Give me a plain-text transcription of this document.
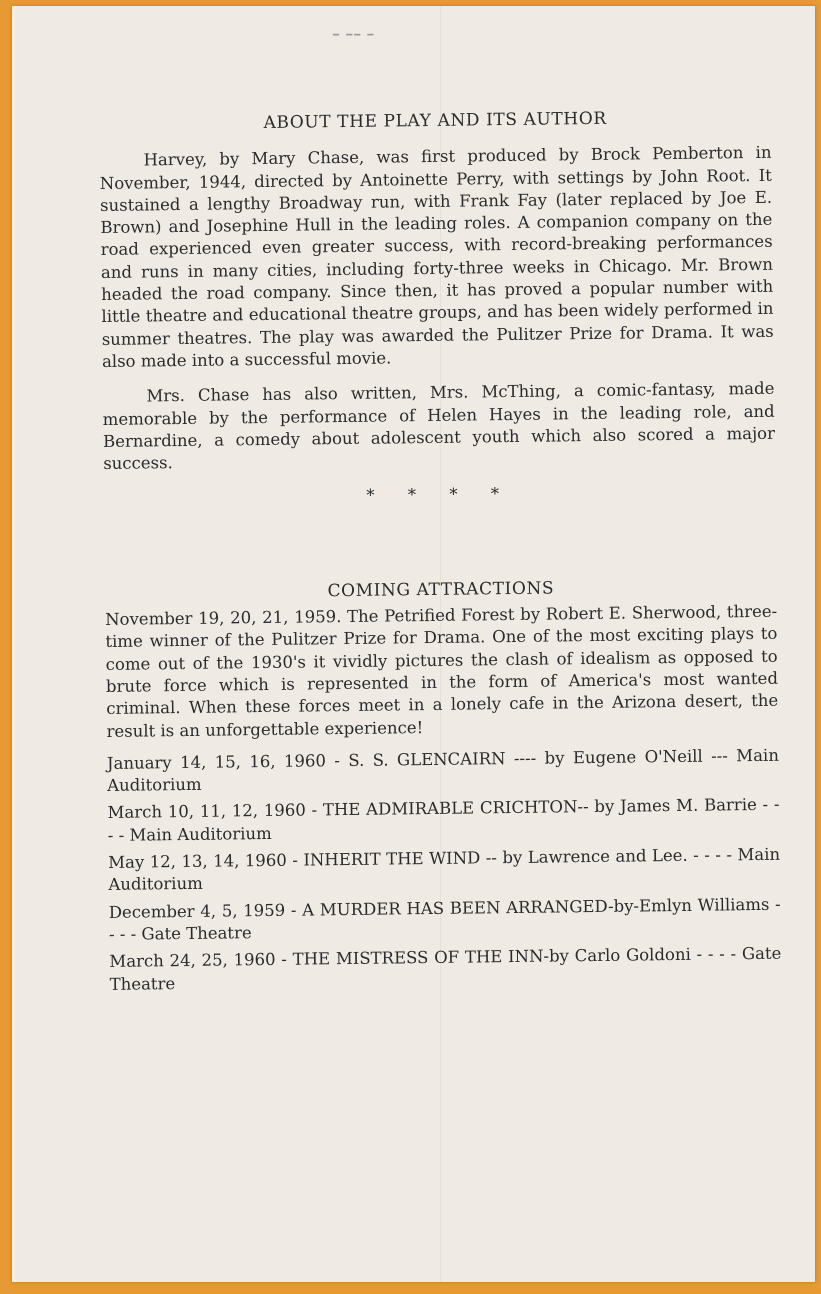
━ ━━ ━
ABOUT THE PLAY AND ITS AUTHOR

Harvey, by Mary Chase, was first produced by Brock Pemberton in November, 1944, directed by Antoinette Perry, with settings by John Root. It sustained a lengthy Broadway run, with Frank Fay (later replaced by Joe E. Brown) and Josephine Hull in the leading roles. A companion company on the road experienced even greater success, with record-breaking performances and runs in many cities, including forty-three weeks in Chicago. Mr. Brown headed the road company. Since then, it has proved a popular number with little theatre and educational theatre groups, and has been widely performed in summer theatres. The play was awarded the Pulitzer Prize for Drama. It was also made into a successful movie.

Mrs. Chase has also written, Mrs. McThing, a comic-fantasy, made memorable by the performance of Helen Hayes in the leading role, and Bernardine, a comedy about adolescent youth which also scored a major success.

* * * *
COMING ATTRACTIONS

November 19, 20, 21, 1959. The Petrified Forest by Robert E. Sherwood, three-time winner of the Pulitzer Prize for Drama. One of the most exciting plays to come out of the 1930's it vividly pictures the clash of idealism as opposed to brute force which is represented in the form of America's most wanted criminal. When these forces meet in a lonely cafe in the Arizona desert, the result is an unforgettable experience!

January 14, 15, 16, 1960 - S. S. GLENCAIRN ---- by Eugene O'Neill --- Main Auditorium
March 10, 11, 12, 1960 - THE ADMIRABLE CRICHTON-- by James M. Barrie - - - - Main Auditorium
May 12, 13, 14, 1960 - INHERIT THE WIND -- by Lawrence and Lee. - - - - Main Auditorium
December 4, 5, 1959 - A MURDER HAS BEEN ARRANGED-by-Emlyn Williams - - - - Gate Theatre
March 24, 25, 1960 - THE MISTRESS OF THE INN-by Carlo Goldoni - - - - Gate Theatre
